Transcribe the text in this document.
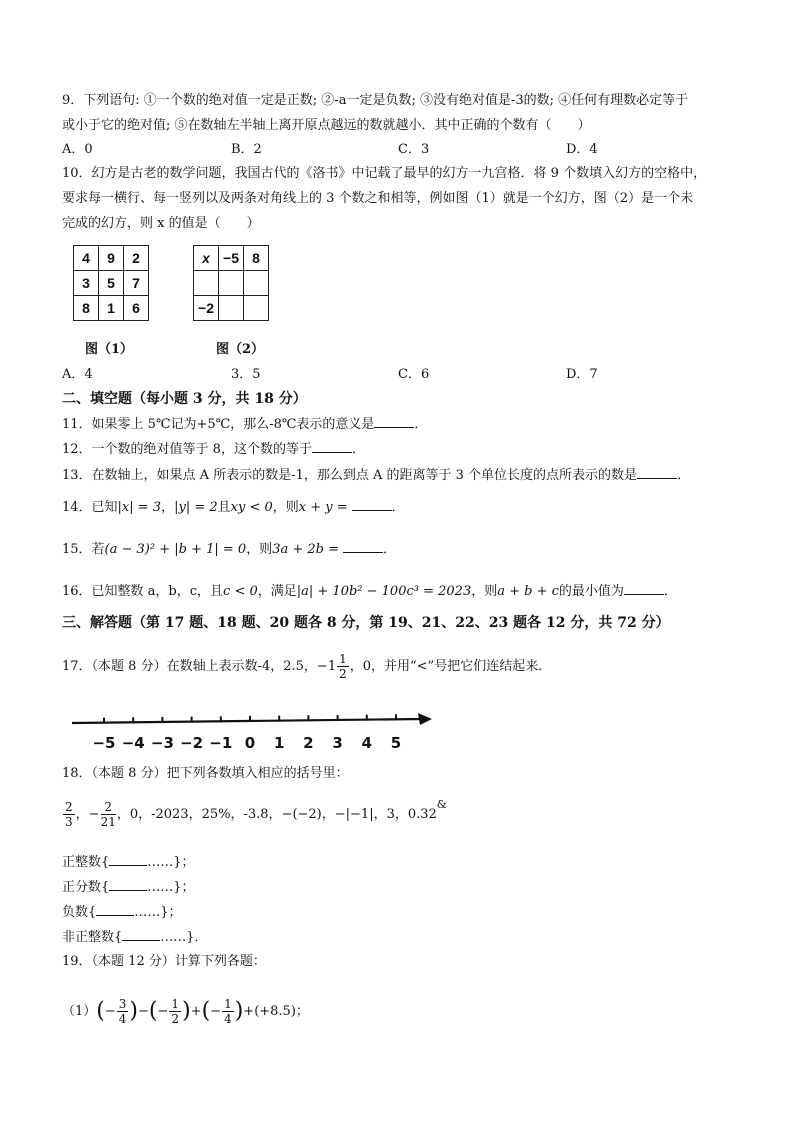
9．下列语句: ①一个数的绝对值一定是正数; ②-a一定是负数; ③没有绝对值是-3的数; ④任何有理数必定等于
或小于它的绝对值; ⑤在数轴左半轴上离开原点越远的数就越小．其中正确的个数有（　　）
A．0	B．2	C．3	D．4
10．幻方是古老的数学问题，我国古代的《洛书》中记载了最早的幻方一九宫格．将 9 个数填入幻方的空格中，
要求每一横行、每一竖列以及两条对角线上的 3 个数之和相等，例如图（1）就是一个幻方，图（2）是一个未
完成的幻方，则 x 的值是（　　）
4	9	2
3	5	7
8	1	6
x	−5	8

−2		
图（1）	图（2）
A．4	3．5	C．6	D．7
二、填空题（每小题 3 分，共 18 分）
11．如果零上 5℃记为+5℃，那么-8℃表示的意义是	．
12．一个数的绝对值等于 8，这个数的等于	．
13．在数轴上，如果点 A 所表示的数是-1，那么到点 A 的距离等于 3 个单位长度的点所表示的数是	．
14．已知|x| = 3，|y| = 2且xy < 0，则x + y =	．
15．若(a − 3)² + |b + 1| = 0，则3a + 2b =	．
16．已知整数 a，b，c，且c < 0，满足|a| + 10b² − 100c³ = 2023，则a + b + c的最小值为	．
三、解答题（第 17 题、18 题、20 题各 8 分，第 19、21、22、23 题各 12 分，共 72 分）
17．（本题 8 分）在数轴上表示数-4，2.5，$-1 \frac{1}{2}$ ，0，并用“<”号把它们连结起来．
−5 −4 −3 −2 −1 0 1 2 3 4 5
18．（本题 8 分）把下列各数填入相应的括号里：
$\frac{2}{3}$ ，− $\frac{2}{21}$ ，0，-2023，25%，-3.8，−(−2)，−|−1|，3，0.32&
正整数{	……}；
正分数{	……}；
负数{	……}；
非正整数{	……}．
19．（本题 12 分）计算下列各题：
$(1)(- \frac{3}{4}$ )−(− $\frac{1}{2}$ )+(− $\frac{1}{4} )+(+8.5)$；
